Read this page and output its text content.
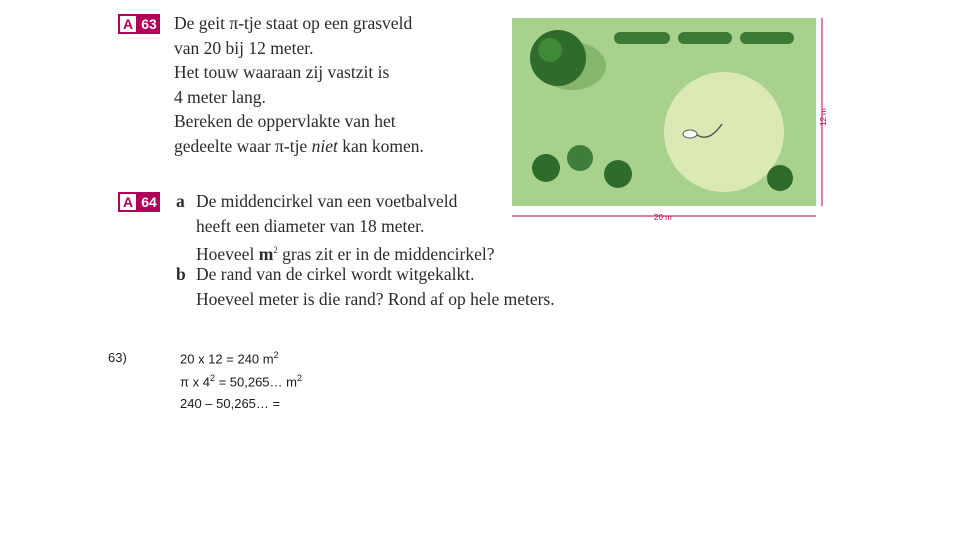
A 63 De geit π-tje staat op een grasveld
van 20 bij 12 meter.
Het touw waaraan zij vastzit is
4 meter lang.
Bereken de oppervlakte van het
gedeelte waar π-tje niet kan komen.
A 64 a De middencirkel van een voetbalveld
heeft een diameter van 18 meter.
Hoeveel $m^2$ gras zit er in de middencirkel?
b De rand van de cirkel wordt witgekalkt.
Hoeveel meter is die rand? Rond af op hele meters.
20 m
12 m
63)	20 x 12 = 240 $m^2$
π x $4^2$ = 50,265… $m^2$
240 – 50,265… =
